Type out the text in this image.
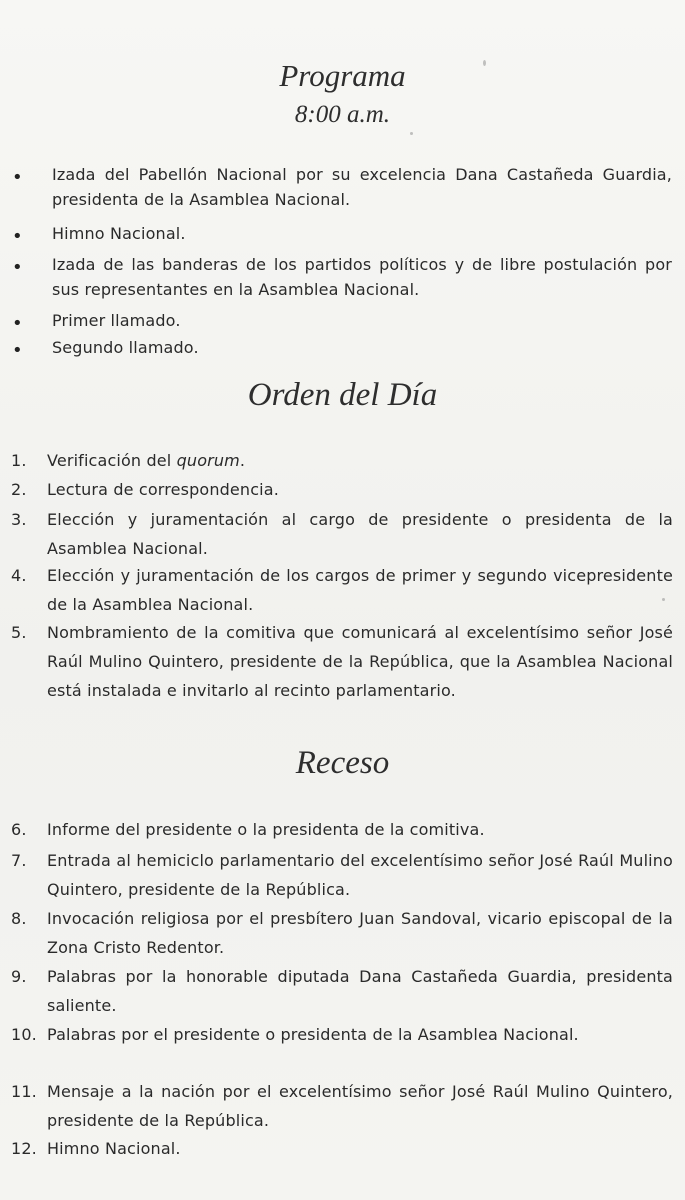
Programa
8:00 a.m.
• Izada del Pabellón Nacional por su excelencia Dana Castañeda Guardia, presidenta de la Asamblea Nacional.
• Himno Nacional.
• Izada de las banderas de los partidos políticos y de libre postulación por sus representantes en la Asamblea Nacional.
• Primer llamado.
• Segundo llamado.
Orden del Día
1.	Verificación del quorum.
2.	Lectura de correspondencia.
3.	Elección y juramentación al cargo de presidente o presidenta de la Asamblea Nacional.
4.	Elección y juramentación de los cargos de primer y segundo vicepresidente de la Asamblea Nacional.
5.	Nombramiento de la comitiva que comunicará al excelentísimo señor José Raúl Mulino Quintero, presidente de la República, que la Asamblea Nacional está instalada e invitarlo al recinto parlamentario.
Receso
6.	Informe del presidente o la presidenta de la comitiva.
7.	Entrada al hemiciclo parlamentario del excelentísimo señor José Raúl Mulino Quintero, presidente de la República.
8.	Invocación religiosa por el presbítero Juan Sandoval, vicario episcopal de la Zona Cristo Redentor.
9.	Palabras por la honorable diputada Dana Castañeda Guardia, presidenta saliente.
10. Palabras por el presidente o presidenta de la Asamblea Nacional.
11. Mensaje a la nación por el excelentísimo señor José Raúl Mulino Quintero, presidente de la República.
12. Himno Nacional.
